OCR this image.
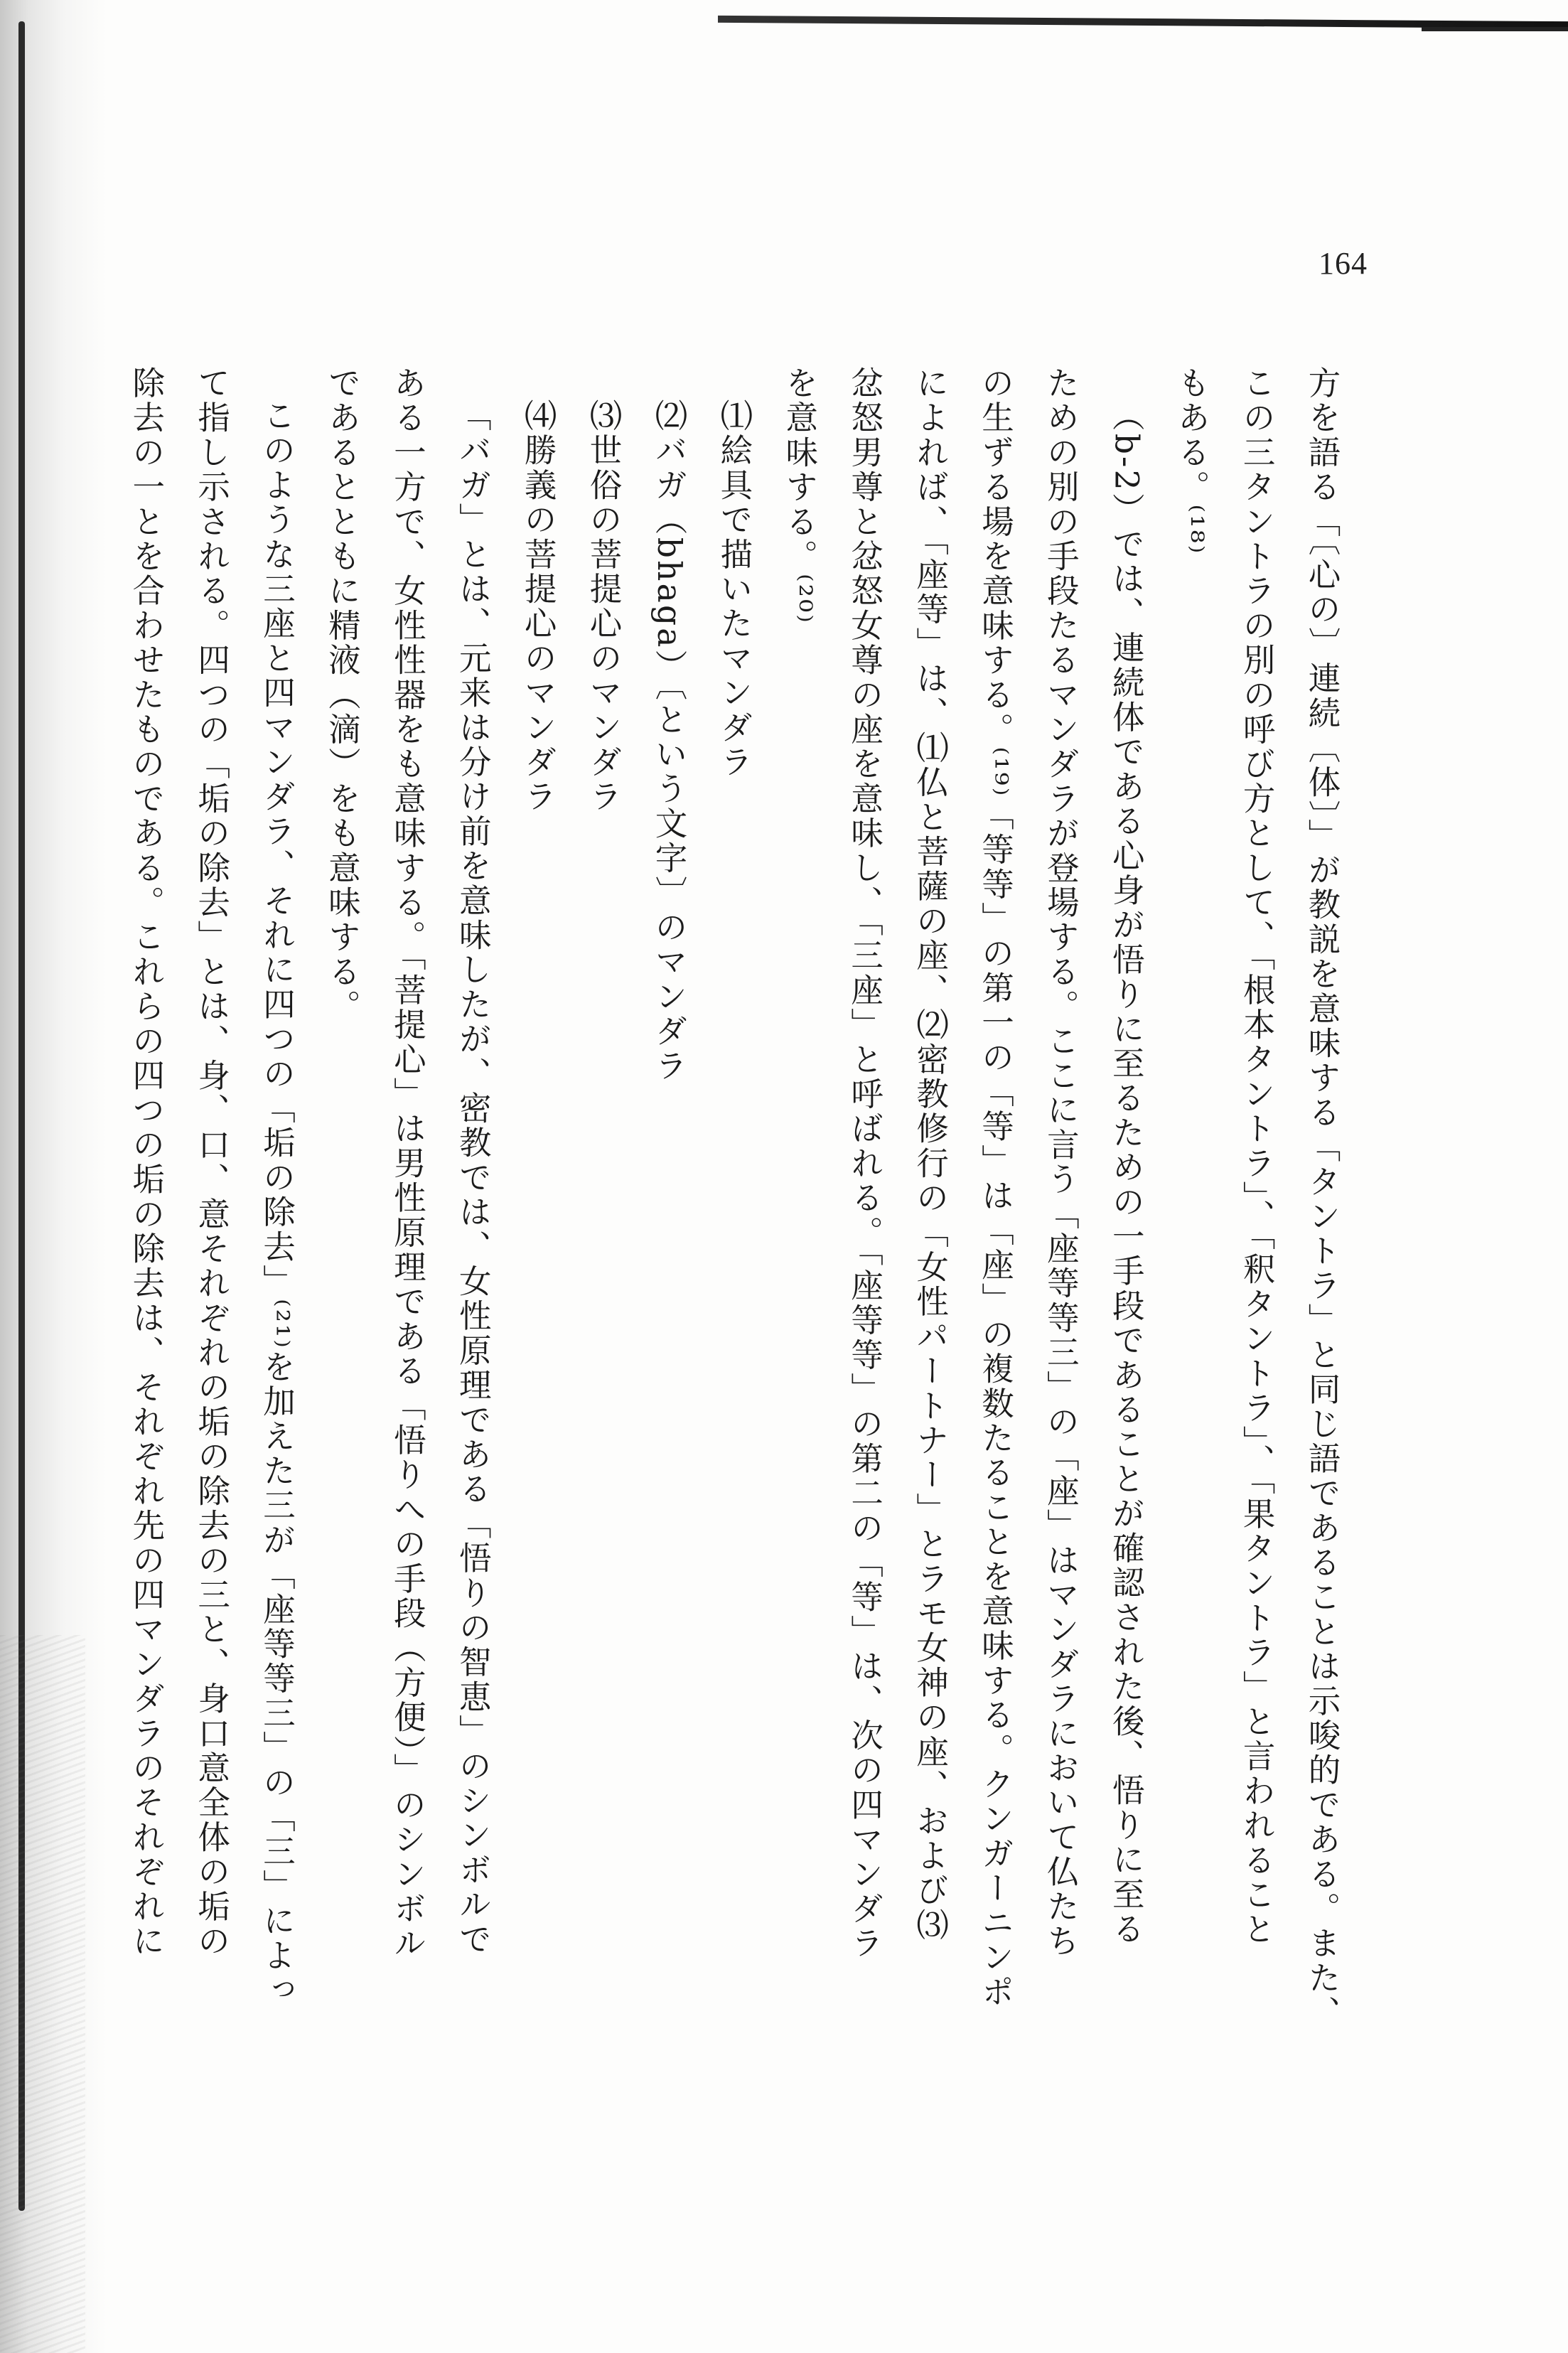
164

方を語る「〔心の〕連続〔体〕」が教説を意味する「タントラ」と同じ語であることは示唆的である。また、

この三タントラの別の呼び方として、「根本タントラ」、「釈タントラ」、「果タントラ」と言われること

もある。⁽¹⁸⁾

（b-2）では、連続体である心身が悟りに至るための一手段であることが確認された後、悟りに至る

ための別の手段たるマンダラが登場する。ここに言う「座等等三」の「座」はマンダラにおいて仏たち

の生ずる場を意味する。⁽¹⁹⁾「等等」の第一の「等」は「座」の複数たることを意味する。クンガーニンポ

によれば、「座等」は、⑴仏と菩薩の座、⑵密教修行の「女性パートナー」とラモ女神の座、および⑶

忿怒男尊と忿怒女尊の座を意味し、「三座」と呼ばれる。「座等等」の第二の「等」は、次の四マンダラ

を意味する。⁽²⁰⁾

⑴絵具で描いたマンダラ

⑵バガ（bhaga）〔という文字〕のマンダラ

⑶世俗の菩提心のマンダラ

⑷勝義の菩提心のマンダラ

「バガ」とは、元来は分け前を意味したが、密教では、女性原理である「悟りの智恵」のシンボルで

ある一方で、女性性器をも意味する。「菩提心」は男性原理である「悟りへの手段（方便）」のシンボル

であるとともに精液（滴）をも意味する。

このような三座と四マンダラ、それに四つの「垢の除去」⁽²¹⁾を加えた三が「座等等三」の「三」によっ

て指し示される。四つの「垢の除去」とは、身、口、意それぞれの垢の除去の三と、身口意全体の垢の

除去の一とを合わせたものである。これらの四つの垢の除去は、それぞれ先の四マンダラのそれぞれに
